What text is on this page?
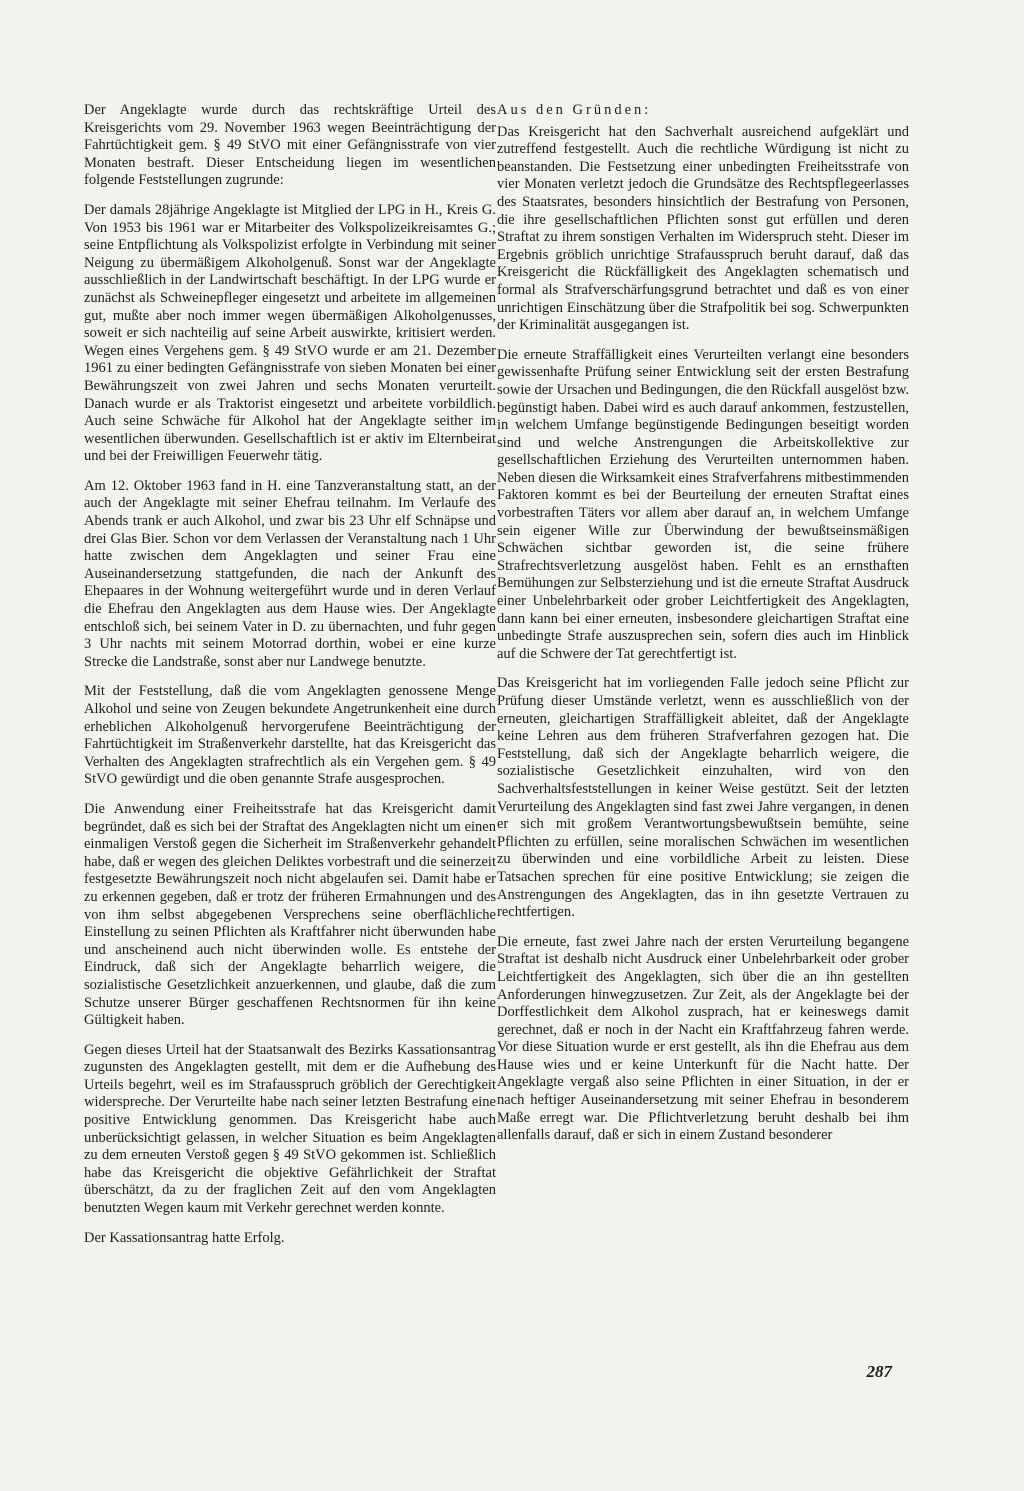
Der Angeklagte wurde durch das rechtskräftige Urteil des Kreisgerichts vom 29. November 1963 wegen Beeinträchtigung der Fahrtüchtigkeit gem. § 49 StVO mit einer Gefängnisstrafe von vier Monaten bestraft. Dieser Entscheidung liegen im wesentlichen folgende Feststellungen zugrunde:

Der damals 28jährige Angeklagte ist Mitglied der LPG in H., Kreis G. Von 1953 bis 1961 war er Mitarbeiter des Volkspolizeikreisamtes G.; seine Entpflichtung als Volkspolizist erfolgte in Verbindung mit seiner Neigung zu übermäßigem Alkoholgenuß. Sonst war der Angeklagte ausschließlich in der Landwirtschaft beschäftigt. In der LPG wurde er zunächst als Schweinepfleger eingesetzt und arbeitete im allgemeinen gut, mußte aber noch immer wegen übermäßigen Alkoholgenusses, soweit er sich nachteilig auf seine Arbeit auswirkte, kritisiert werden. Wegen eines Vergehens gem. § 49 StVO wurde er am 21. Dezember 1961 zu einer bedingten Gefängnisstrafe von sieben Monaten bei einer Bewährungszeit von zwei Jahren und sechs Monaten verurteilt. Danach wurde er als Traktorist eingesetzt und arbeitete vorbildlich. Auch seine Schwäche für Alkohol hat der Angeklagte seither im wesentlichen überwunden. Gesellschaftlich ist er aktiv im Elternbeirat und bei der Freiwilligen Feuerwehr tätig.

Am 12. Oktober 1963 fand in H. eine Tanzveranstaltung statt, an der auch der Angeklagte mit seiner Ehefrau teilnahm. Im Verlaufe des Abends trank er auch Alkohol, und zwar bis 23 Uhr elf Schnäpse und drei Glas Bier. Schon vor dem Verlassen der Veranstaltung nach 1 Uhr hatte zwischen dem Angeklagten und seiner Frau eine Auseinandersetzung stattgefunden, die nach der Ankunft des Ehepaares in der Wohnung weitergeführt wurde und in deren Verlauf die Ehefrau den Angeklagten aus dem Hause wies. Der Angeklagte entschloß sich, bei seinem Vater in D. zu übernachten, und fuhr gegen 3 Uhr nachts mit seinem Motorrad dorthin, wobei er eine kurze Strecke die Landstraße, sonst aber nur Landwege benutzte.

Mit der Feststellung, daß die vom Angeklagten genossene Menge Alkohol und seine von Zeugen bekundete Angetrunkenheit eine durch erheblichen Alkoholgenuß hervorgerufene Beeinträchtigung der Fahrtüchtigkeit im Straßenverkehr darstellte, hat das Kreisgericht das Verhalten des Angeklagten strafrechtlich als ein Vergehen gem. § 49 StVO gewürdigt und die oben genannte Strafe ausgesprochen.

Die Anwendung einer Freiheitsstrafe hat das Kreisgericht damit begründet, daß es sich bei der Straftat des Angeklagten nicht um einen einmaligen Verstoß gegen die Sicherheit im Straßenverkehr gehandelt habe, daß er wegen des gleichen Deliktes vorbestraft und die seinerzeit festgesetzte Bewährungszeit noch nicht abgelaufen sei. Damit habe er zu erkennen gegeben, daß er trotz der früheren Ermahnungen und des von ihm selbst abgegebenen Versprechens seine oberflächliche Einstellung zu seinen Pflichten als Kraftfahrer nicht überwunden habe und anscheinend auch nicht überwinden wolle. Es entstehe der Eindruck, daß sich der Angeklagte beharrlich weigere, die sozialistische Gesetzlichkeit anzuerkennen, und glaube, daß die zum Schutze unserer Bürger geschaffenen Rechtsnormen für ihn keine Gültigkeit haben.

Gegen dieses Urteil hat der Staatsanwalt des Bezirks Kassationsantrag zugunsten des Angeklagten gestellt, mit dem er die Aufhebung des Urteils begehrt, weil es im Strafausspruch gröblich der Gerechtigkeit widerspreche. Der Verurteilte habe nach seiner letzten Bestrafung eine positive Entwicklung genommen. Das Kreisgericht habe auch unberücksichtigt gelassen, in welcher Situation es beim Angeklagten zu dem erneuten Verstoß gegen § 49 StVO gekommen ist. Schließlich habe das Kreisgericht die objektive Gefährlichkeit der Straftat überschätzt, da zu der fraglichen Zeit auf den vom Angeklagten benutzten Wegen kaum mit Verkehr gerechnet werden konnte.

Der Kassationsantrag hatte Erfolg.

Aus den Gründen:

Das Kreisgericht hat den Sachverhalt ausreichend aufgeklärt und zutreffend festgestellt. Auch die rechtliche Würdigung ist nicht zu beanstanden. Die Festsetzung einer unbedingten Freiheitsstrafe von vier Monaten verletzt jedoch die Grundsätze des Rechtspflegeerlasses des Staatsrates, besonders hinsichtlich der Bestrafung von Personen, die ihre gesellschaftlichen Pflichten sonst gut erfüllen und deren Straftat zu ihrem sonstigen Verhalten im Widerspruch steht. Dieser im Ergebnis gröblich unrichtige Strafausspruch beruht darauf, daß das Kreisgericht die Rückfälligkeit des Angeklagten schematisch und formal als Strafverschärfungsgrund betrachtet und daß es von einer unrichtigen Einschätzung über die Strafpolitik bei sog. Schwerpunkten der Kriminalität ausgegangen ist.

Die erneute Straffälligkeit eines Verurteilten verlangt eine besonders gewissenhafte Prüfung seiner Entwicklung seit der ersten Bestrafung sowie der Ursachen und Bedingungen, die den Rückfall ausgelöst bzw. begünstigt haben. Dabei wird es auch darauf ankommen, festzustellen, in welchem Umfange begünstigende Bedingungen beseitigt worden sind und welche Anstrengungen die Arbeitskollektive zur gesellschaftlichen Erziehung des Verurteilten unternommen haben. Neben diesen die Wirksamkeit eines Strafverfahrens mitbestimmenden Faktoren kommt es bei der Beurteilung der erneuten Straftat eines vorbestraften Täters vor allem aber darauf an, in welchem Umfange sein eigener Wille zur Überwindung der bewußtseinsmäßigen Schwächen sichtbar geworden ist, die seine frühere Strafrechtsverletzung ausgelöst haben. Fehlt es an ernsthaften Bemühungen zur Selbsterziehung und ist die erneute Straftat Ausdruck einer Unbelehrbarkeit oder grober Leichtfertigkeit des Angeklagten, dann kann bei einer erneuten, insbesondere gleichartigen Straftat eine unbedingte Strafe auszusprechen sein, sofern dies auch im Hinblick auf die Schwere der Tat gerechtfertigt ist.

Das Kreisgericht hat im vorliegenden Falle jedoch seine Pflicht zur Prüfung dieser Umstände verletzt, wenn es ausschließlich von der erneuten, gleichartigen Straffälligkeit ableitet, daß der Angeklagte keine Lehren aus dem früheren Strafverfahren gezogen hat. Die Feststellung, daß sich der Angeklagte beharrlich weigere, die sozialistische Gesetzlichkeit einzuhalten, wird von den Sachverhaltsfeststellungen in keiner Weise gestützt. Seit der letzten Verurteilung des Angeklagten sind fast zwei Jahre vergangen, in denen er sich mit großem Verantwortungsbewußtsein bemühte, seine Pflichten zu erfüllen, seine moralischen Schwächen im wesentlichen zu überwinden und eine vorbildliche Arbeit zu leisten. Diese Tatsachen sprechen für eine positive Entwicklung; sie zeigen die Anstrengungen des Angeklagten, das in ihn gesetzte Vertrauen zu rechtfertigen.

Die erneute, fast zwei Jahre nach der ersten Verurteilung begangene Straftat ist deshalb nicht Ausdruck einer Unbelehrbarkeit oder grober Leichtfertigkeit des Angeklagten, sich über die an ihn gestellten Anforderungen hinwegzusetzen. Zur Zeit, als der Angeklagte bei der Dorffestlichkeit dem Alkohol zusprach, hat er keineswegs damit gerechnet, daß er noch in der Nacht ein Kraftfahrzeug fahren werde. Vor diese Situation wurde er erst gestellt, als ihn die Ehefrau aus dem Hause wies und er keine Unterkunft für die Nacht hatte. Der Angeklagte vergaß also seine Pflichten in einer Situation, in der er nach heftiger Auseinandersetzung mit seiner Ehefrau in besonderem Maße erregt war. Die Pflichtverletzung beruht deshalb bei ihm allenfalls darauf, daß er sich in einem Zustand besonderer

287
